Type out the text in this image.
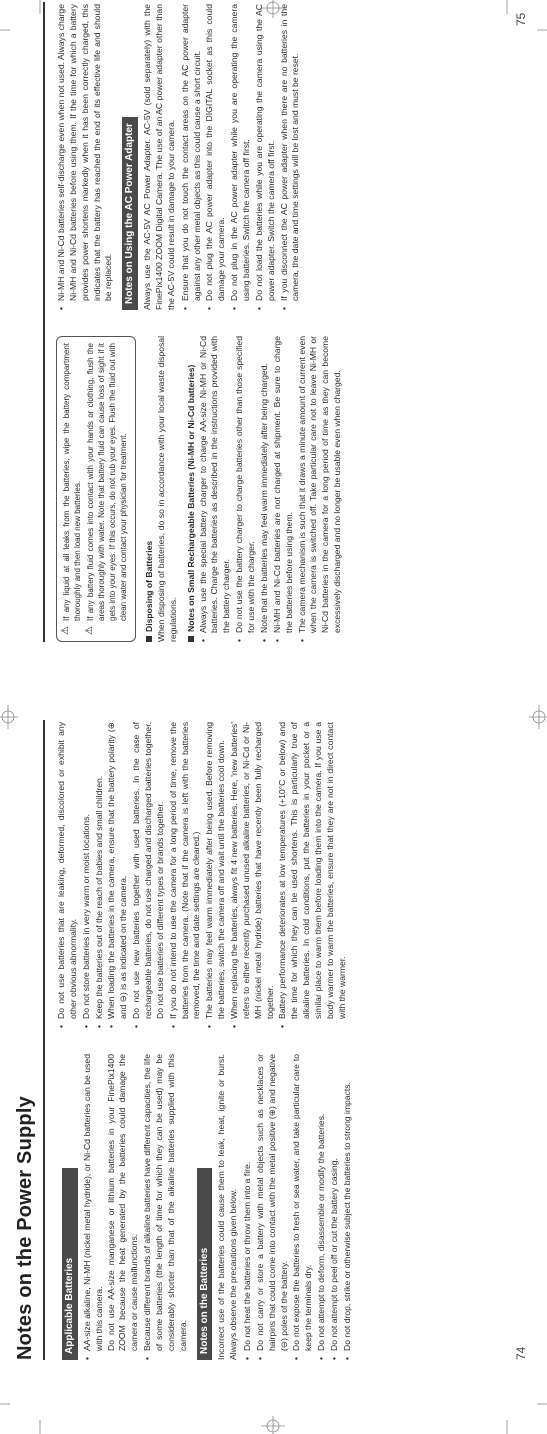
Notes on the Power Supply	Applicable Batteries • AA-size alkaline, Ni-MH (nickel metal hydride), or Ni-Cd batteries can be used with this camera. Do not use AA-size manganese or lithium batteries in your FinePix1400 ZOOM because the heat generated by the batteries could damage the camera or cause malfunctions. • Because different brands of alkaline batteries have different capacities, the life of some batteries (the length of time for which they can be used) may be considerably shorter than that of the alkaline batteries supplied with this camera. Notes on the Batteries Incorrect use of the batteries could cause them to leak, heat, ignite or burst. Always observe the precautions given below. • Do not heat the batteries or throw them into a fire. • Do not carry or store a battery with metal objects such as necklaces or hairpins that could come into contact with the metal positive (⊕) and negative (⊖) poles of the battery. • Do not expose the batteries to fresh or sea water, and take particular care to keep the terminals dry. • Do not attempt to deform, disassemble or modify the batteries. • Do not attempt to peel off or cut the battery casing. • Do not drop, strike or otherwise subject the batteries to strong impacts.
• Do not use batteries that are leaking, deformed, discolored or exhibit any other obvious abnormality. • Do not store batteries in very warm or moist locations. • Keep the batteries out of the reach of babies and small children. • When loading the batteries in the camera, ensure that the battery polarity (⊕ and ⊖) is as indicated on the camera. • Do not use new batteries together with used batteries. In the case of rechargeable batteries, do not use charged and discharged batteries together. Do not use batteries of different types or brands together. • If you do not intend to use the camera for a long period of time, remove the batteries from the camera. (Note that if the camera is left with the batteries removed, the time and date settings are cleared.) • The batteries may feel warm immediately after being used. Before removing the batteries, switch the camera off and wait until the batteries cool down. • When replacing the batteries, always fit 4 new batteries. Here, 'new batteries' refers to either recently purchased unused alkaline batteries, or Ni-Cd or Ni-MH (nickel metal hydride) batteries that have recently been fully recharged together. • Battery performance deteriorates at low temperatures (+10°C or below) and the time for which they can be used shortens. This is particularly true of alkaline batteries. In cold conditions, put the batteries in your pocket or a similar place to warm them before loading them into the camera. If you use a body warmer to warm the batteries, ensure that they are not in direct contact with the warmer.
74
⚠
If any liquid at all leaks from the batteries, wipe the battery compartment thoroughly and then load new batteries.
⚠
If any battery fluid comes into contact with your hands or clothing, flush the areas thoroughly with water. Note that battery fluid can cause loss of sight if it gets into your eyes. If this occurs, do not rub your eyes. Flush the fluid out with clean water and contact your physician for treatment. Disposing of Batteries When disposing of batteries, do so in accordance with your local waste disposal regulations. Notes on Small Rechargeable Batteries (Ni-MH or Ni-Cd batteries) • Always use the special battery charger to charge AA-size Ni-MH or Ni-Cd batteries. Charge the batteries as described in the instructions provided with the battery charger. • Do not use the battery charger to charge batteries other than those specified for use with the charger. • Note that the batteries may feel warm immediately after being charged. • Ni-MH and Ni-Cd batteries are not charged at shipment. Be sure to charge the batteries before using them. • The camera mechanism is such that it draws a minute amount of current even when the camera is switched off. Take particular care not to leave Ni-MH or Ni-Cd batteries in the camera for a long period of time as they can become excessively discharged and no longer be usable even when charged.
• Ni-MH and Ni-Cd batteries self-discharge even when not used. Always charge Ni-MH and Ni-Cd batteries before using them. If the time for which a battery provides power shortens markedly when it has been correctly charged, this indicates that the battery has reached the end of its effective life and should be replaced. Notes on Using the AC Power Adapter Always use the AC-5V AC Power Adapter. AC-5V (sold separately) with the FinePix1400 ZOOM Digital Camera. The use of an AC power adapter other than the AC-5V could result in damage to your camera. • Ensure that you do not touch the contact areas on the AC power adapter against any other metal objects as this could cause a short circuit. • Do not plug the AC power adapter into the DIGITAL socket as this could damage your camera. • Do not plug in the AC power adapter while you are operating the camera using batteries. Switch the camera off first. • Do not load the batteries while you are operating the camera using the AC power adapter. Switch the camera off first. • If you disconnect the AC power adapter when there are no batteries in the camera, the date and time settings will be lost and must be reset.
75
